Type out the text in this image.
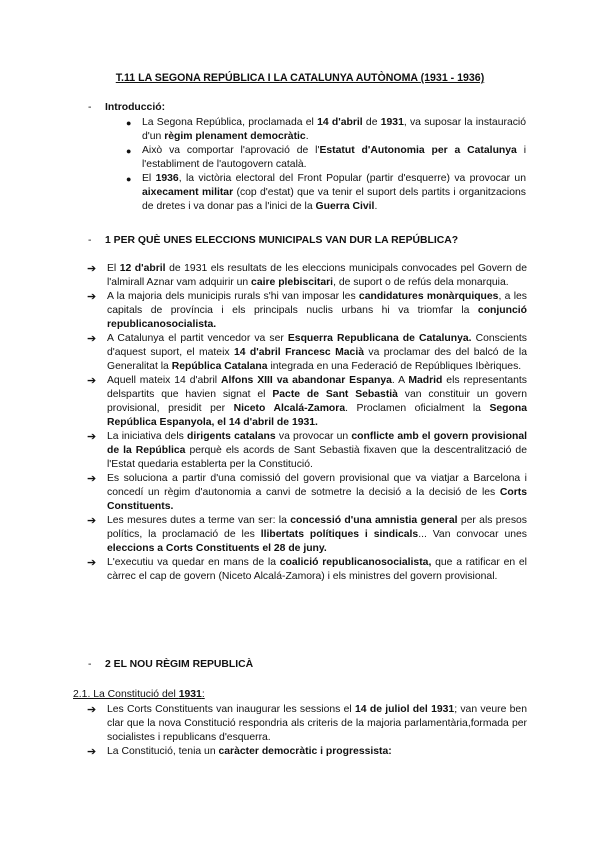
T.11 LA SEGONA REPÚBLICA I LA CATALUNYA AUTÒNOMA (1931 - 1936)
- Introducció:
● La Segona República, proclamada el 14 d'abril de 1931, va suposar la instauració d'un règim plenament democràtic.
● Això va comportar l'aprovació de l'Estatut d'Autonomia per a Catalunya i l'establiment de l'autogovern català.
● El 1936, la victòria electoral del Front Popular (partir d'esquerre) va provocar un aixecament militar (cop d'estat) que va tenir el suport dels partits i organitzacions de dretes i va donar pas a l'inici de la Guerra Civil.
- 1 PER QUÈ UNES ELECCIONS MUNICIPALS VAN DUR LA REPÚBLICA?
➔ El 12 d'abril de 1931 els resultats de les eleccions municipals convocades pel Govern de l'almirall Aznar vam adquirir un caire plebiscitari, de suport o de refús dela monarquia.
➔ A la majoria dels municipis rurals s'hi van imposar les candidatures monàrquiques, a les capitals de província i els principals nuclis urbans hi va triomfar la conjunció republicanosocialista.
➔ A Catalunya el partit vencedor va ser Esquerra Republicana de Catalunya. Conscients d'aquest suport, el mateix 14 d'abril Francesc Macià va proclamar des del balcó de la Generalitat la República Catalana integrada en una Federació de Repúbliques Ibèriques.
➔ Aquell mateix 14 d'abril Alfons XIII va abandonar Espanya. A Madrid els representants delspartits que havien signat el Pacte de Sant Sebastià van constituir un govern provisional, presidit per Niceto Alcalá-Zamora. Proclamen oficialment la Segona República Espanyola, el 14 d'abril de 1931.
➔ La iniciativa dels dirigents catalans va provocar un conflicte amb el govern provisional de la República perquè els acords de Sant Sebastià fixaven que la descentralització de l'Estat quedaria establerta per la Constitució.
➔ Es soluciona a partir d'una comissió del govern provisional que va viatjar a Barcelona i concedí un règim d'autonomia a canvi de sotmetre la decisió a la decisió de les Corts Constituents.
➔ Les mesures dutes a terme van ser: la concessió d'una amnistia general per als presos polítics, la proclamació de les llibertats polítiques i sindicals... Van convocar unes eleccions a Corts Constituents el 28 de juny.
➔ L'executiu va quedar en mans de la coalició republicanosocialista, que a ratificar en el càrrec el cap de govern (Niceto Alcalá-Zamora) i els ministres del govern provisional.
- 2 EL NOU RÈGIM REPUBLICÀ
2.1. La Constitució del 1931:
➔ Les Corts Constituents van inaugurar les sessions el 14 de juliol del 1931; van veure ben clar que la nova Constitució respondria als criteris de la majoria parlamentària,formada per socialistes i republicans d'esquerra.
➔ La Constitució, tenia un caràcter democràtic i progressista:
